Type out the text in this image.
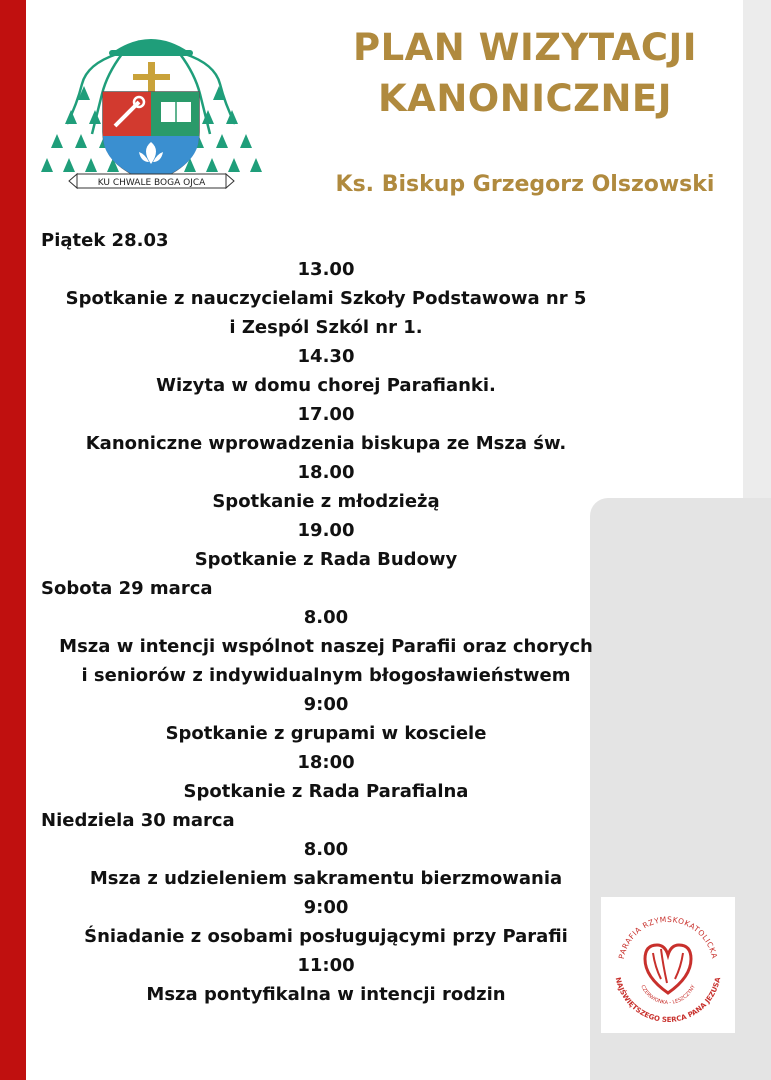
KU CHWALE BOGA OJCA
PLAN WIZYTACJI
KANONICZNEJ
Ks. Biskup Grzegorz Olszowski
Piątek 28.03
13.00
Spotkanie z nauczycielami Szkoły Podstawowa nr 5
i Zespól Szkól nr 1.
14.30
Wizyta w domu chorej Parafianki.
17.00
Kanoniczne wprowadzenia biskupa ze Msza św.
18.00
Spotkanie z młodzieżą
19.00
Spotkanie z Rada Budowy
Sobota 29 marca
8.00
Msza w intencji wspólnot naszej Parafii oraz chorych
i seniorów z indywidualnym błogosławieństwem
9:00
Spotkanie z grupami w kosciele
18:00
Spotkanie z Rada Parafialna
Niedziela 30 marca
8.00
Msza z udzieleniem sakramentu bierzmowania
9:00
Śniadanie z osobami posługującymi przy Parafii
11:00
Msza pontyfikalna w intencji rodzin
PARAFIA RZYMSKOKATOLICKA
CZERWIONKA - LESZCZYNY
NAJŚWIĘTSZEGO SERCA PANA JEZUSA
